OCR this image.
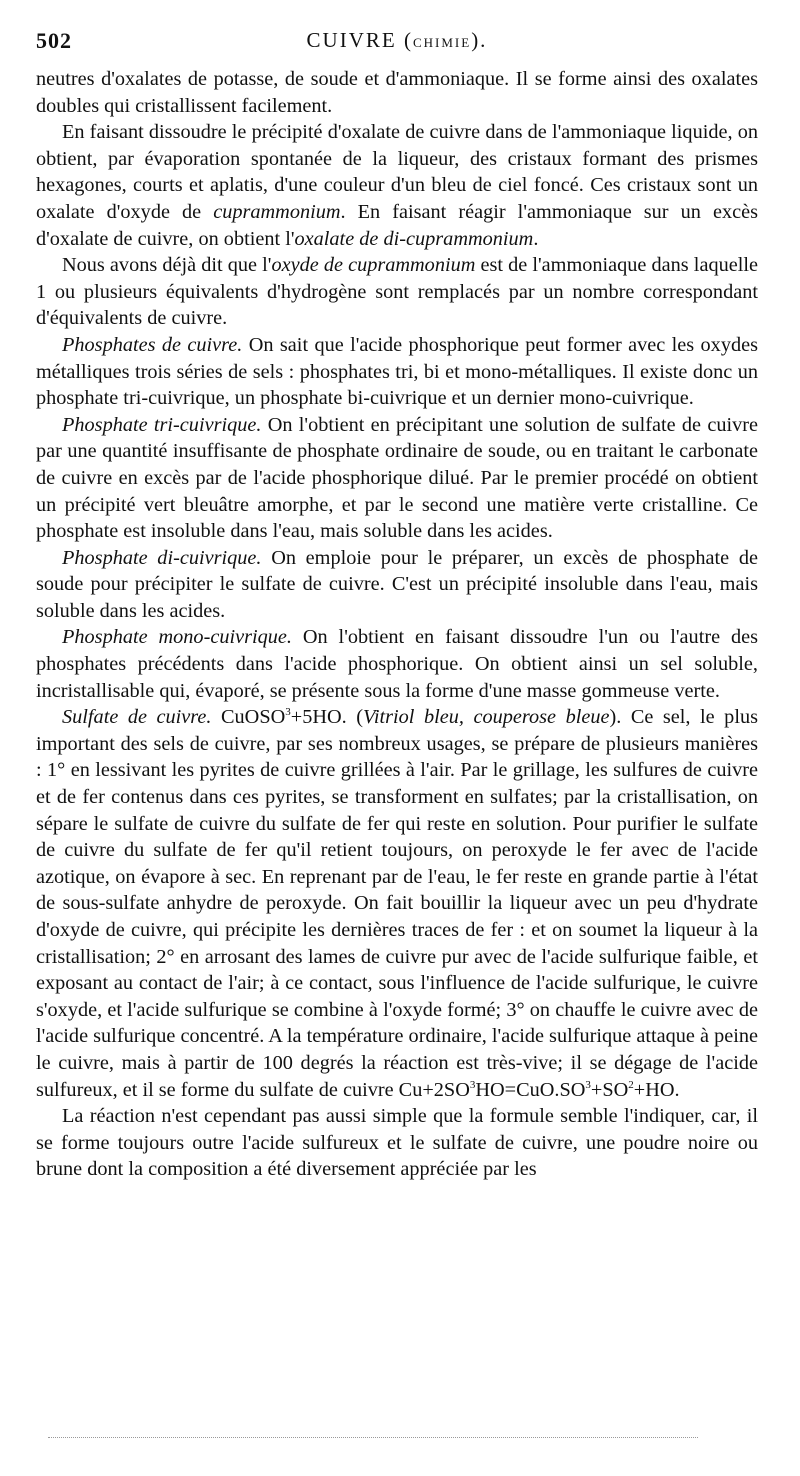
502	CUIVRE (CHIMIE).

neutres d'oxalates de potasse, de soude et d'ammoniaque. Il se forme ainsi des oxalates doubles qui cristallissent facilement.

En faisant dissoudre le précipité d'oxalate de cuivre dans de l'ammoniaque liquide, on obtient, par évaporation spontanée de la liqueur, des cristaux formant des prismes hexagones, courts et aplatis, d'une couleur d'un bleu de ciel foncé. Ces cristaux sont un oxalate d'oxyde de cuprammonium. En faisant réagir l'ammoniaque sur un excès d'oxalate de cuivre, on obtient l'oxalate de di-cuprammonium.

Nous avons déjà dit que l'oxyde de cuprammonium est de l'ammoniaque dans laquelle 1 ou plusieurs équivalents d'hydrogène sont remplacés par un nombre correspondant d'équivalents de cuivre.

Phosphates de cuivre. On sait que l'acide phosphorique peut former avec les oxydes métalliques trois séries de sels : phosphates tri, bi et mono-métalliques. Il existe donc un phosphate tri-cuivrique, un phosphate bi-cuivrique et un dernier mono-cuivrique.

Phosphate tri-cuivrique. On l'obtient en précipitant une solution de sulfate de cuivre par une quantité insuffisante de phosphate ordinaire de soude, ou en traitant le carbonate de cuivre en excès par de l'acide phosphorique dilué. Par le premier procédé on obtient un précipité vert bleuâtre amorphe, et par le second une matière verte cristalline. Ce phosphate est insoluble dans l'eau, mais soluble dans les acides.

Phosphate di-cuivrique. On emploie pour le préparer, un excès de phosphate de soude pour précipiter le sulfate de cuivre. C'est un précipité insoluble dans l'eau, mais soluble dans les acides.

Phosphate mono-cuivrique. On l'obtient en faisant dissoudre l'un ou l'autre des phosphates précédents dans l'acide phosphorique. On obtient ainsi un sel soluble, incristallisable qui, évaporé, se présente sous la forme d'une masse gommeuse verte.

Sulfate de cuivre. CuOSO$^3$+5HO. (Vitriol bleu, couperose bleue). Ce sel, le plus important des sels de cuivre, par ses nombreux usages, se prépare de plusieurs manières : 1° en lessivant les pyrites de cuivre grillées à l'air. Par le grillage, les sulfures de cuivre et de fer contenus dans ces pyrites, se transforment en sulfates; par la cristallisation, on sépare le sulfate de cuivre du sulfate de fer qui reste en solution. Pour purifier le sulfate de cuivre du sulfate de fer qu'il retient toujours, on peroxyde le fer avec de l'acide azotique, on évapore à sec. En reprenant par de l'eau, le fer reste en grande partie à l'état de sous-sulfate anhydre de peroxyde. On fait bouillir la liqueur avec un peu d'hydrate d'oxyde de cuivre, qui précipite les dernières traces de fer : et on soumet la liqueur à la cristallisation; 2° en arrosant des lames de cuivre pur avec de l'acide sulfurique faible, et exposant au contact de l'air; à ce contact, sous l'influence de l'acide sulfurique, le cuivre s'oxyde, et l'acide sulfurique se combine à l'oxyde formé; 3° on chauffe le cuivre avec de l'acide sulfurique concentré. A la température ordinaire, l'acide sulfurique attaque à peine le cuivre, mais à partir de 100 degrés la réaction est très-vive; il se dégage de l'acide sulfureux, et il se forme du sulfate de cuivre $Cu+2SO^3HO=CuO.SO^3+SO^2+HO$.

La réaction n'est cependant pas aussi simple que la formule semble l'indiquer, car, il se forme toujours outre l'acide sulfureux et le sulfate de cuivre, une poudre noire ou brune dont la composition a été diversement appréciée par les
